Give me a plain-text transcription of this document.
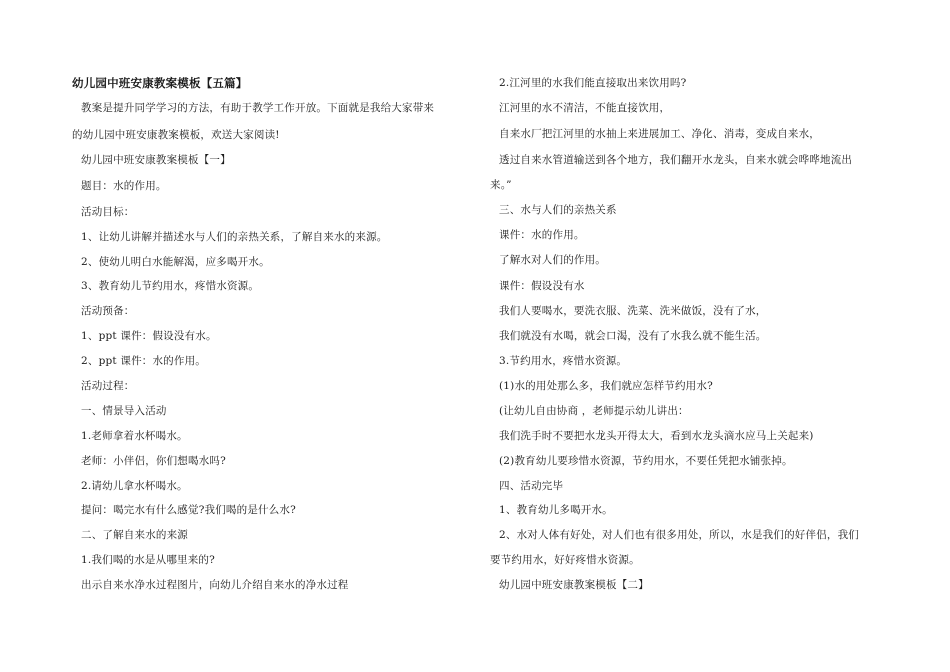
幼儿园中班安康教案模板【五篇】
教案是提升同学学习的方法，有助于教学工作开放。下面就是我给大家带来
的幼儿园中班安康教案模板，欢送大家阅读!
幼儿园中班安康教案模板【一】
题目：水的作用。
活动目标：
1、让幼儿讲解并描述水与人们的亲热关系，了解自来水的来源。
2、使幼儿明白水能解渴，应多喝开水。
3、教育幼儿节约用水，疼惜水资源。
活动预备：
1、ppt 课件：假设没有水。
2、ppt 课件：水的作用。
活动过程：
一、情景导入活动
1.老师拿着水杯喝水。
老师：小伴侣，你们想喝水吗?
2.请幼儿拿水杯喝水。
提问：喝完水有什么感觉?我们喝的是什么水?
二、了解自来水的来源
1.我们喝的水是从哪里来的?
出示自来水净水过程图片，向幼儿介绍自来水的净水过程
2.江河里的水我们能直接取出来饮用吗?
江河里的水不清洁，不能直接饮用，
自来水厂把江河里的水抽上来进展加工、净化、消毒，变成自来水，
透过自来水管道输送到各个地方，我们翻开水龙头，自来水就会哗哗地流出
来。”
三、水与人们的亲热关系
课件：水的作用。
了解水对人们的作用。
课件：假设没有水
我们人要喝水，要洗衣服、洗菜、洗米做饭，没有了水，
我们就没有水喝，就会口渴，没有了水我么就不能生活。
3.节约用水，疼惜水资源。
(1)水的用处那么多，我们就应怎样节约用水?
(让幼儿自由协商 ，老师提示幼儿讲出：
我们洗手时不要把水龙头开得太大，看到水龙头滴水应马上关起来)
(2)教育幼儿要珍惜水资源，节约用水，不要任凭把水铺张掉。
四、活动完毕
1、教育幼儿多喝开水。
2、水对人体有好处，对人们也有很多用处，所以，水是我们的好伴侣，我们
要节约用水，好好疼惜水资源。
幼儿园中班安康教案模板【二】
